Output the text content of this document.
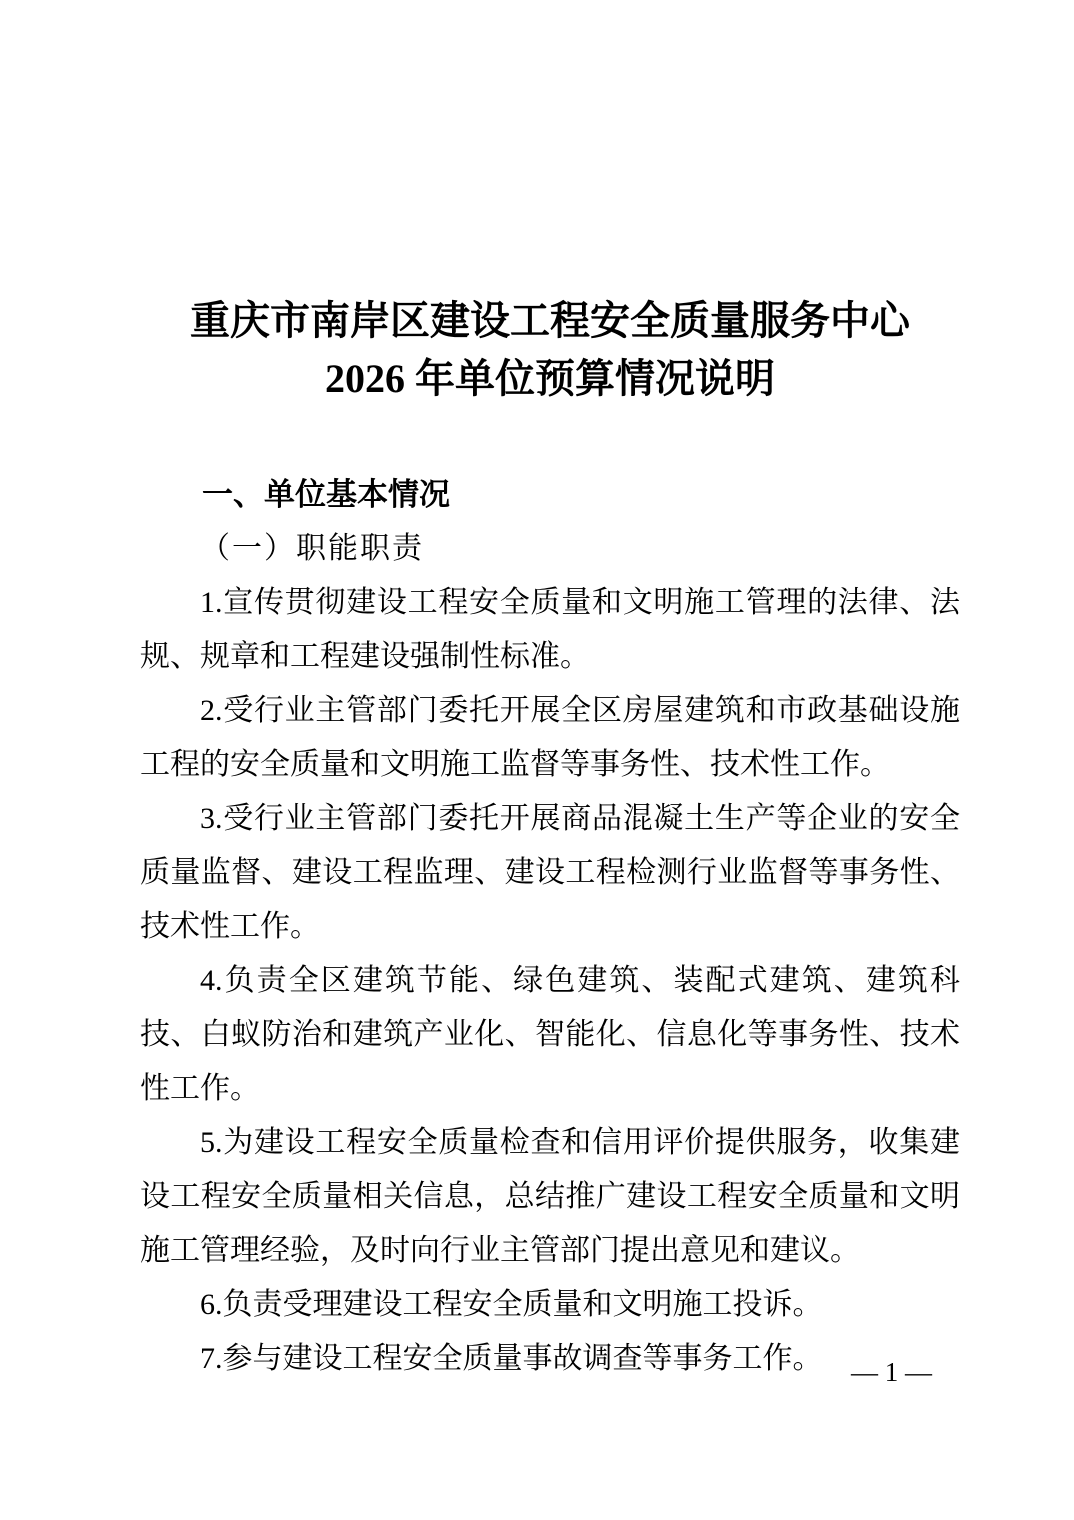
重庆市南岸区建设工程安全质量服务中心
2026 年单位预算情况说明

一、单位基本情况

（一）职能职责

1.宣传贯彻建设工程安全质量和文明施工管理的法律、法规、规章和工程建设强制性标准。

2.受行业主管部门委托开展全区房屋建筑和市政基础设施工程的安全质量和文明施工监督等事务性、技术性工作。

3.受行业主管部门委托开展商品混凝土生产等企业的安全质量监督、建设工程监理、建设工程检测行业监督等事务性、技术性工作。

4.负责全区建筑节能、绿色建筑、装配式建筑、建筑科技、白蚁防治和建筑产业化、智能化、信息化等事务性、技术性工作。

5.为建设工程安全质量检查和信用评价提供服务，收集建设工程安全质量相关信息，总结推广建设工程安全质量和文明施工管理经验，及时向行业主管部门提出意见和建议。

6.负责受理建设工程安全质量和文明施工投诉。

7.参与建设工程安全质量事故调查等事务工作。	— 1 —
